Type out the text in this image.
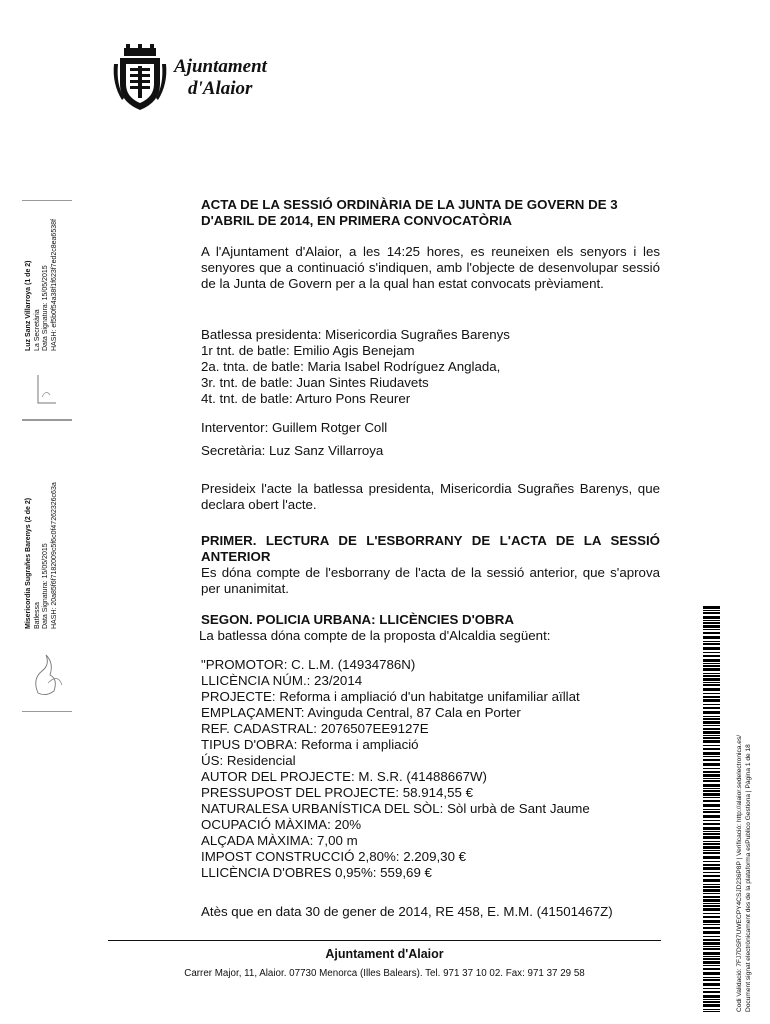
Ajuntament
d'Alaior
Luz Sanz Villarroya (1 de 2) La Secretària Data Signatura: 15/05/2015 HASH: ef5b0f54a38f1f623f7ed2c8ea6538f
Misericordia Sugrañes Barenys (2 de 2) Batlessa Data Signatura: 15/05/2015 HASH: 20a85f6f7182009c5f6c0f47262326c63a
ACTA DE LA SESSIÓ ORDINÀRIA DE LA JUNTA DE GOVERN DE 3 D'ABRIL DE 2014, EN PRIMERA CONVOCATÒRIA
A l'Ajuntament d'Alaior, a les 14:25 hores, es reuneixen els senyors i les senyores que a continuació s'indiquen, amb l'objecte de desenvolupar sessió de la Junta de Govern per a la qual han estat convocats prèviament.
Batlessa presidenta: Misericordia Sugrañes Barenys
1r tnt. de batle: Emilio Agis Benejam
2a. tnta. de batle: Maria Isabel Rodríguez Anglada,
3r. tnt. de batle: Juan Sintes Riudavets
4t. tnt. de batle: Arturo Pons Reurer
Interventor: Guillem Rotger Coll
Secretària: Luz Sanz Villarroya
Presideix l'acte la batlessa presidenta, Misericordia Sugrañes Barenys, que declara obert l'acte.
PRIMER. LECTURA DE L'ESBORRANY DE L'ACTA DE LA SESSIÓ ANTERIOR
Es dóna compte de l'esborrany de l'acta de la sessió anterior, que s'aprova per unanimitat.
SEGON. POLICIA URBANA: LLICÈNCIES D'OBRA
La batlessa dóna compte de la proposta d'Alcaldia següent:
"PROMOTOR: C. L.M. (14934786N)
LLICÈNCIA NÚM.: 23/2014
PROJECTE: Reforma i ampliació d'un habitatge unifamiliar aïllat
EMPLAÇAMENT: Avinguda Central, 87 Cala en Porter
REF. CADASTRAL: 2076507EE9127E
TIPUS D'OBRA: Reforma i ampliació
ÚS: Residencial
AUTOR DEL PROJECTE: M. S.R. (41488667W)
PRESSUPOST DEL PROJECTE: 58.914,55 €
NATURALESA URBANÍSTICA DEL SÒL: Sòl urbà de Sant Jaume
OCUPACIÓ MÀXIMA: 20%
ALÇADA MÀXIMA: 7,00 m
IMPOST CONSTRUCCIÓ 2,80%: 2.209,30 €
LLICÈNCIA D'OBRES 0,95%: 559,69 €
Atès que en data 30 de gener de 2014, RE 458, E. M.M. (41501467Z)	Codi Validació: 7FJ7DSR7UWECPY4CSJD236P8P | Verificació: http://alaior.sedelectronica.es/ Document signat electrònicament des de la plataforma esPublico Gestiona | Pàgina 1 de 18
Ajuntament d'Alaior
Carrer Major, 11, Alaior. 07730 Menorca (Illes Balears). Tel. 971 37 10 02. Fax: 971 37 29 58
